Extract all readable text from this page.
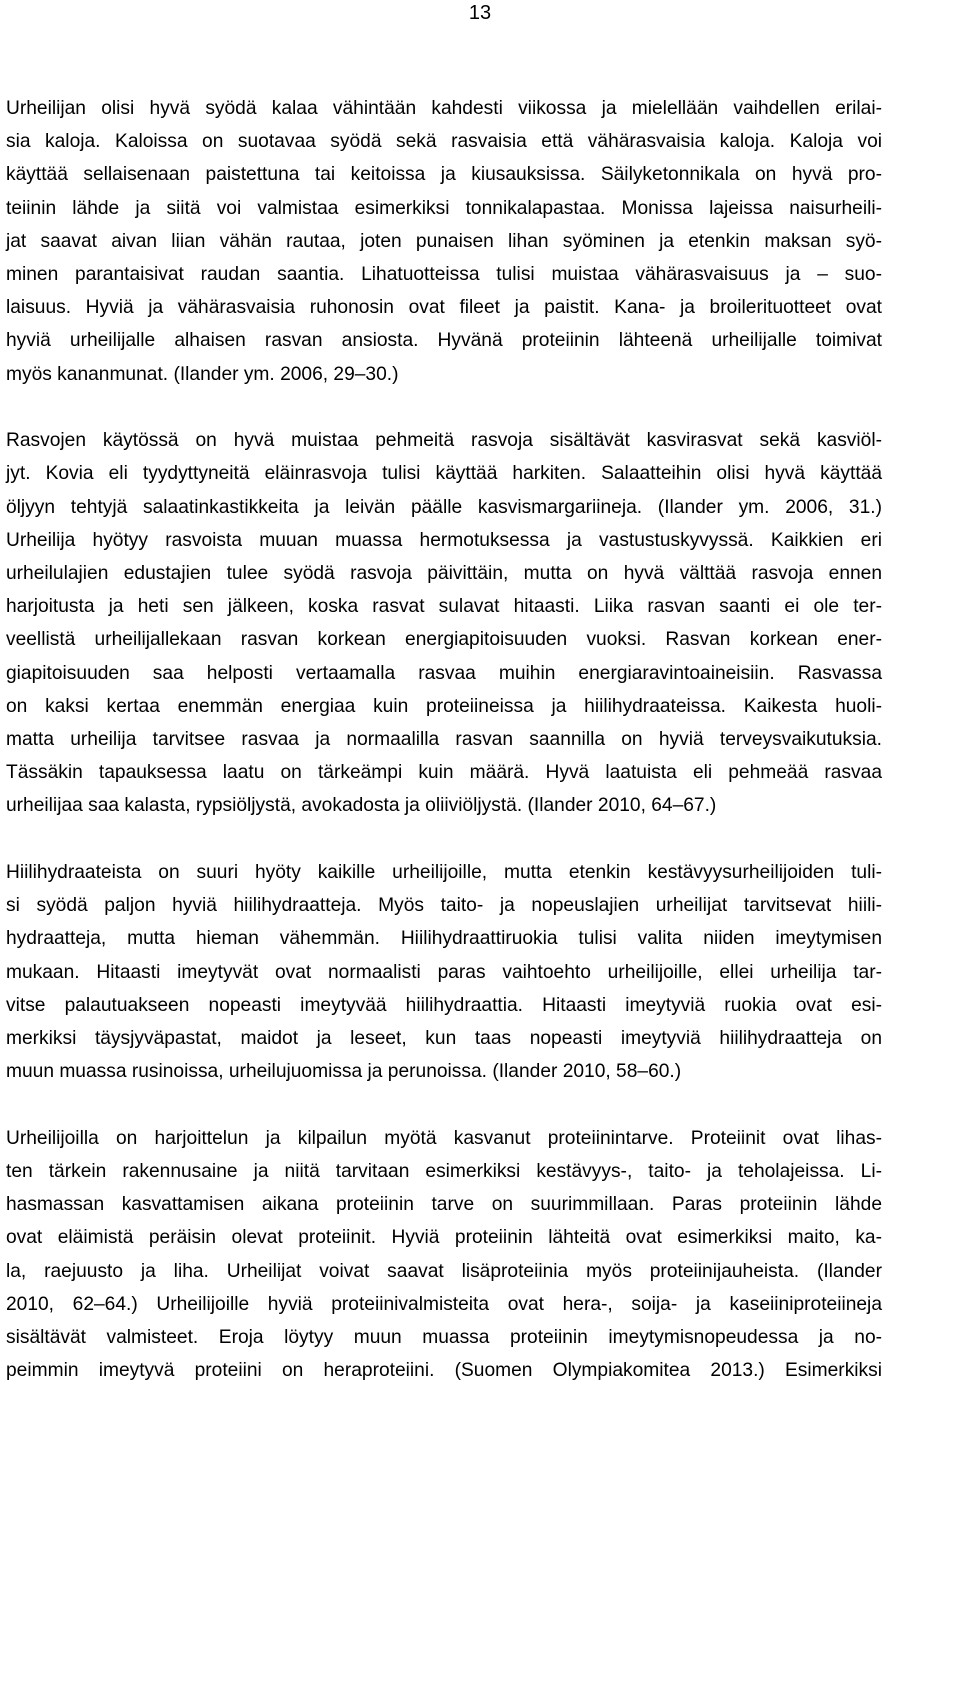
13

Urheilijan olisi hyvä syödä kalaa vähintään kahdesti viikossa ja mielellään vaihdellen erilai-
sia kaloja. Kaloissa on suotavaa syödä sekä rasvaisia että vähärasvaisia kaloja. Kaloja voi
käyttää sellaisenaan paistettuna tai keitoissa ja kiusauksissa. Säilyketonnikala on hyvä pro-
teiinin lähde ja siitä voi valmistaa esimerkiksi tonnikalapastaa. Monissa lajeissa naisurheili-
jat saavat aivan liian vähän rautaa, joten punaisen lihan syöminen ja etenkin maksan syö-
minen parantaisivat raudan saantia. Lihatuotteissa tulisi muistaa vähärasvaisuus ja – suo-
laisuus. Hyviä ja vähärasvaisia ruhonosin ovat fileet ja paistit. Kana- ja broilerituotteet ovat
hyviä urheilijalle alhaisen rasvan ansiosta. Hyvänä proteiinin lähteenä urheilijalle toimivat
myös kananmunat. (Ilander ym. 2006, 29–30.)

Rasvojen käytössä on hyvä muistaa pehmeitä rasvoja sisältävät kasvirasvat sekä kasviöl-
jyt. Kovia eli tyydyttyneitä eläinrasvoja tulisi käyttää harkiten. Salaatteihin olisi hyvä käyttää
öljyyn tehtyjä salaatinkastikkeita ja leivän päälle kasvismargariineja. (Ilander ym. 2006, 31.)
Urheilija hyötyy rasvoista muuan muassa hermotuksessa ja vastustuskyvyssä. Kaikkien eri
urheilulajien edustajien tulee syödä rasvoja päivittäin, mutta on hyvä välttää rasvoja ennen
harjoitusta ja heti sen jälkeen, koska rasvat sulavat hitaasti. Liika rasvan saanti ei ole ter-
veellistä urheilijallekaan rasvan korkean energiapitoisuuden vuoksi. Rasvan korkean ener-
giapitoisuuden saa helposti vertaamalla rasvaa muihin energiaravintoaineisiin. Rasvassa
on kaksi kertaa enemmän energiaa kuin proteiineissa ja hiilihydraateissa. Kaikesta huoli-
matta urheilija tarvitsee rasvaa ja normaalilla rasvan saannilla on hyviä terveysvaikutuksia.
Tässäkin tapauksessa laatu on tärkeämpi kuin määrä. Hyvä laatuista eli pehmeää rasvaa
urheilijaa saa kalasta, rypsiöljystä, avokadosta ja oliiviöljystä. (Ilander 2010, 64–67.)

Hiilihydraateista on suuri hyöty kaikille urheilijoille, mutta etenkin kestävyysurheilijoiden tuli-
si syödä paljon hyviä hiilihydraatteja. Myös taito- ja nopeuslajien urheilijat tarvitsevat hiili-
hydraatteja, mutta hieman vähemmän. Hiilihydraattiruokia tulisi valita niiden imeytymisen
mukaan. Hitaasti imeytyvät ovat normaalisti paras vaihtoehto urheilijoille, ellei urheilija tar-
vitse palautuakseen nopeasti imeytyvää hiilihydraattia. Hitaasti imeytyviä ruokia ovat esi-
merkiksi täysjyväpastat, maidot ja leseet, kun taas nopeasti imeytyviä hiilihydraatteja on
muun muassa rusinoissa, urheilujuomissa ja perunoissa. (Ilander 2010, 58–60.)

Urheilijoilla on harjoittelun ja kilpailun myötä kasvanut proteiinintarve. Proteiinit ovat lihas-
ten tärkein rakennusaine ja niitä tarvitaan esimerkiksi kestävyys-, taito- ja teholajeissa. Li-
hasmassan kasvattamisen aikana proteiinin tarve on suurimmillaan. Paras proteiinin lähde
ovat eläimistä peräisin olevat proteiinit. Hyviä proteiinin lähteitä ovat esimerkiksi maito, ka-
la, raejuusto ja liha. Urheilijat voivat saavat lisäproteiinia myös proteiinijauheista. (Ilander
2010, 62–64.) Urheilijoille hyviä proteiinivalmisteita ovat hera-, soija- ja kaseiiniproteiineja
sisältävät valmisteet. Eroja löytyy muun muassa proteiinin imeytymisnopeudessa ja no-
peimmin imeytyvä proteiini on heraproteiini. (Suomen Olympiakomitea 2013.) Esimerkiksi
